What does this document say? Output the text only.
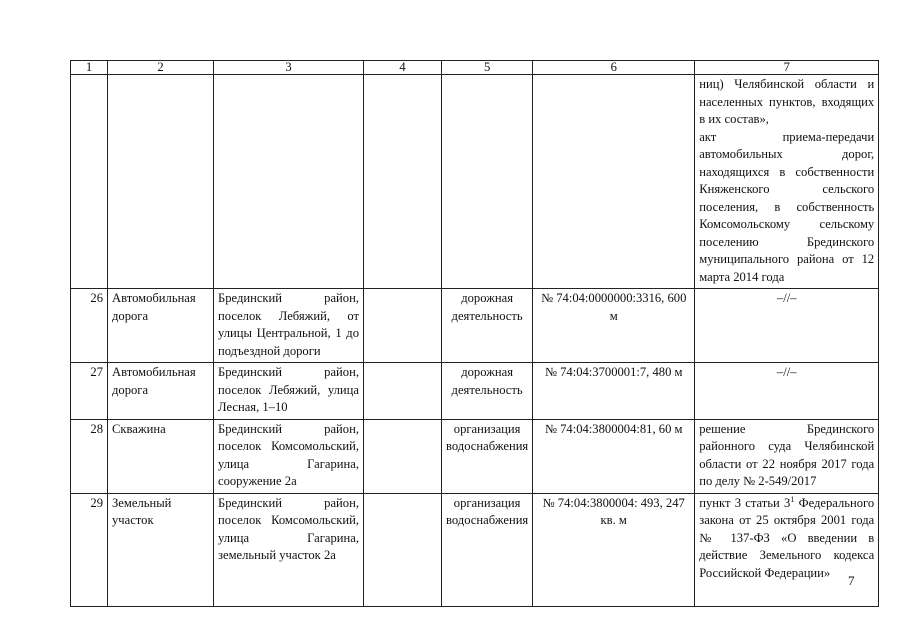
1	2	3	4	5	6	7
						ниц) Челябинской области и населенных пунктов, входящих в их состав»,
акт приема-передачи автомобильных дорог, находящихся в собственности Княженского сельского поселения, в собственность Комсомольскому сельскому поселению Брединского муниципального района от 12 марта 2014 года
26	Автомобильная дорога	Брединский район, поселок Лебяжий, от улицы Центральной, 1 до подъездной дороги		дорожная деятельность	№ 74:04:0000000:3316, 600 м	–//–
27	Автомобильная дорога	Брединский район, поселок Лебяжий, улица Лесная, 1–10		дорожная деятельность	№ 74:04:3700001:7, 480 м	–//–
28	Скважина	Брединский район, поселок Комсомольский, улица Гагарина, сооружение 2а		организация водоснабжения	№ 74:04:3800004:81, 60 м	решение Брединского районного суда Челябинской области от 22 ноября 2017 года по делу № 2-549/2017
29	Земельный участок	Брединский район, поселок Комсомольский, улица Гагарина, земельный участок 2а		организация водоснабжения	№ 74:04:3800004: 493, 247 кв. м	пункт 3 статьи $3^1$ Федерального закона от 25 октября 2001 года № 137-ФЗ «О введении в действие Земельного кодекса Российской Федерации»
7
